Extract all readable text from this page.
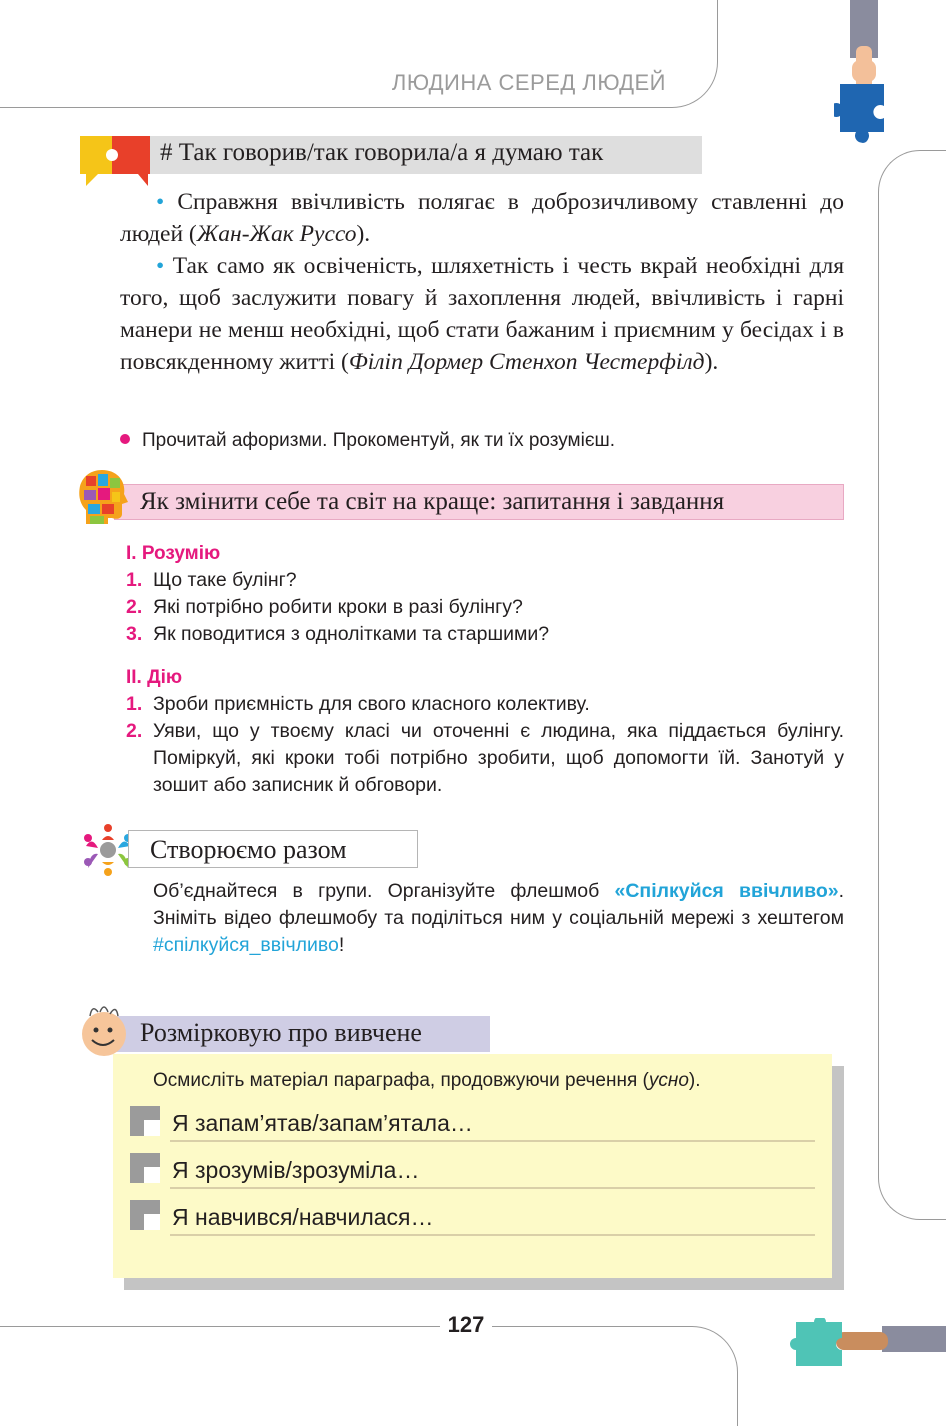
ЛЮДИНА СЕРЕД ЛЮДЕЙ
127
# Так говорив/так говорила/а я думаю так

• Справжня ввічливість полягає в доброзичливому ставленні до людей (Жан-Жак Руссо).

• Так само як освіченість, шляхетність і честь вкрай необхідні для того, щоб заслужити повагу й захоплення людей, ввічливість і гарні манери не менш необхідні, щоб стати бажаним і приємним у бесідах і в повсякденному житті (Філіп Дормер Стенхоп Честерфілд).

Прочитай афоризми. Прокоментуй, як ти їх розумієш.
Як змінити себе та світ на краще: запитання і завдання
I. Розумію
1. Що таке булінг?
2. Які потрібно робити кроки в разі булінгу?
3. Як поводитися з однолітками та старшими?
II. Дію
1. Зроби приємність для свого класного колективу.
2. Уяви, що у твоєму класі чи оточенні є людина, яка піддається булінгу. Поміркуй, які кроки тобі потрібно зробити, щоб допомогти їй. Занотуй у зошит або записник й обговори.
Створюємо разом
Об’єднайтеся в групи. Організуйте флешмоб «Спілкуйся ввічливо». Зніміть відео флешмобу та поділіться ним у соціальній мережі з хештегом #спілкуйся_ввічливо!
Розмірковую про вивчене
Осмисліть матеріал параграфа, продовжуючи речення (усно).
Я запам’ятав/запам’ятала…
Я зрозумів/зрозуміла…
Я навчився/навчилася…
